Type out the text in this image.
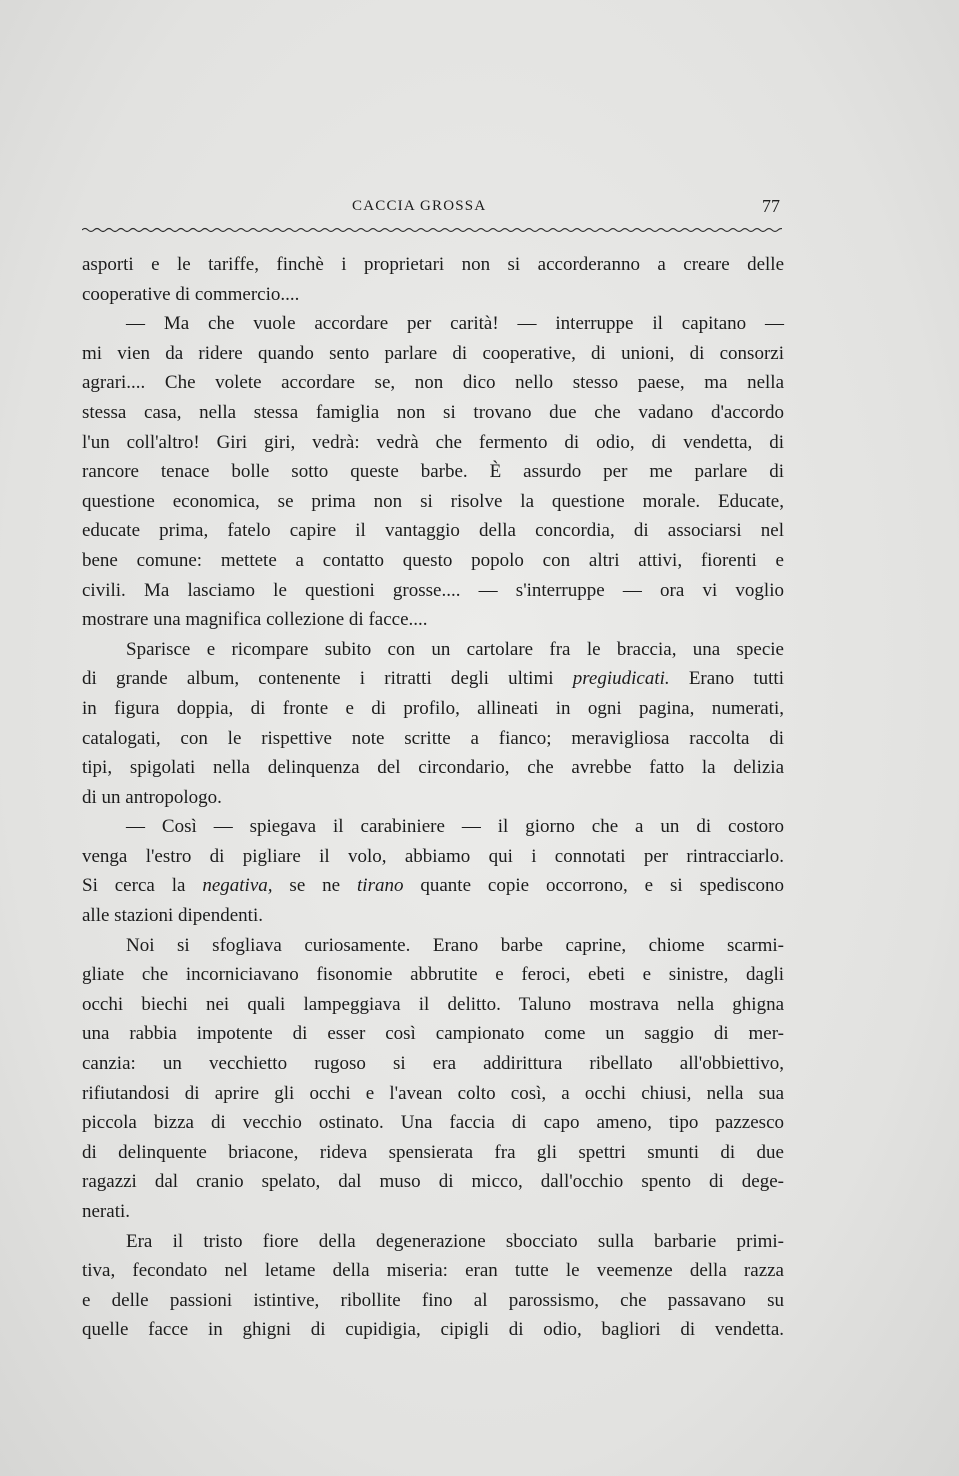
CACCIA GROSSA	77
asporti e le tariffe, finchè i proprietari non si accorderanno a creare delle
cooperative di commercio....
— Ma che vuole accordare per carità! — interruppe il capitano —
mi vien da ridere quando sento parlare di cooperative, di unioni, di consorzi
agrari.... Che volete accordare se, non dico nello stesso paese, ma nella
stessa casa, nella stessa famiglia non si trovano due che vadano d'accordo
l'un coll'altro! Giri giri, vedrà: vedrà che fermento di odio, di vendetta, di
rancore tenace bolle sotto queste barbe. È assurdo per me parlare di
questione economica, se prima non si risolve la questione morale. Educate,
educate prima, fatelo capire il vantaggio della concordia, di associarsi nel
bene comune: mettete a contatto questo popolo con altri attivi, fiorenti e
civili. Ma lasciamo le questioni grosse.... — s'interruppe — ora vi voglio
mostrare una magnifica collezione di facce....
Sparisce e ricompare subito con un cartolare fra le braccia, una specie
di grande album, contenente i ritratti degli ultimi pregiudicati. Erano tutti
in figura doppia, di fronte e di profilo, allineati in ogni pagina, numerati,
catalogati, con le rispettive note scritte a fianco; meravigliosa raccolta di
tipi, spigolati nella delinquenza del circondario, che avrebbe fatto la delizia
di un antropologo.
— Così — spiegava il carabiniere — il giorno che a un di costoro
venga l'estro di pigliare il volo, abbiamo qui i connotati per rintracciarlo.
Si cerca la negativa, se ne tirano quante copie occorrono, e si spediscono
alle stazioni dipendenti.
Noi si sfogliava curiosamente. Erano barbe caprine, chiome scarmi-
gliate che incorniciavano fisonomie abbrutite e feroci, ebeti e sinistre, dagli
occhi biechi nei quali lampeggiava il delitto. Taluno mostrava nella ghigna
una rabbia impotente di esser così campionato come un saggio di mer-
canzia: un vecchietto rugoso si era addirittura ribellato all'obbiettivo,
rifiutandosi di aprire gli occhi e l'avean colto così, a occhi chiusi, nella sua
piccola bizza di vecchio ostinato. Una faccia di capo ameno, tipo pazzesco
di delinquente briacone, rideva spensierata fra gli spettri smunti di due
ragazzi dal cranio spelato, dal muso di micco, dall'occhio spento di dege-
nerati.
Era il tristo fiore della degenerazione sbocciato sulla barbarie primi-
tiva, fecondato nel letame della miseria: eran tutte le veemenze della razza
e delle passioni istintive, ribollite fino al parossismo, che passavano su
quelle facce in ghigni di cupidigia, cipigli di odio, bagliori di vendetta.
